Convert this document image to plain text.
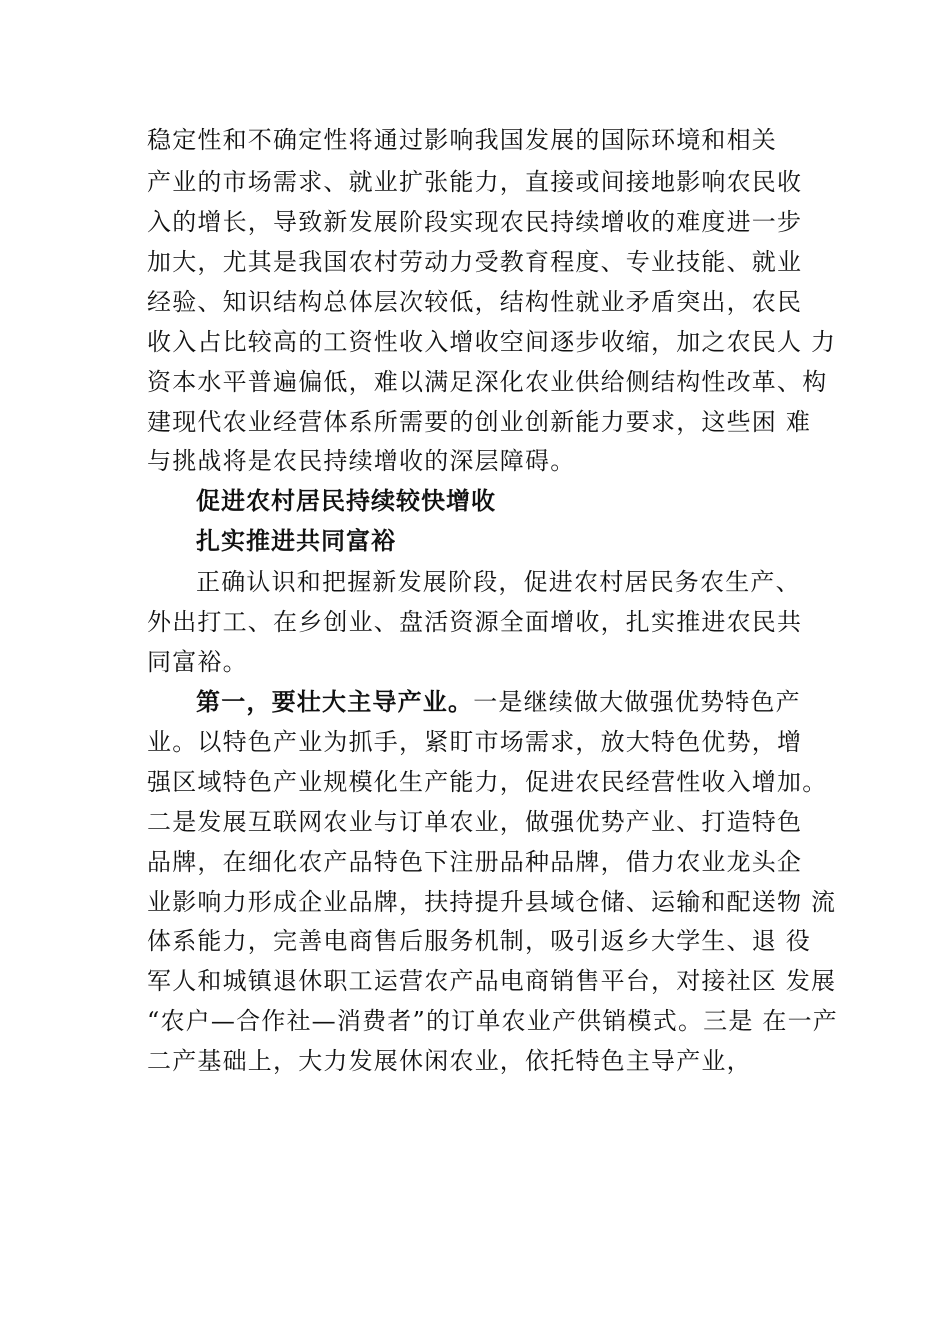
稳定性和不确定性将通过影响我国发展的国际环境和相关
产业的市场需求、就业扩张能力，直接或间接地影响农民收
入的增长，导致新发展阶段实现农民持续增收的难度进一步
加大，尤其是我国农村劳动力受教育程度、专业技能、就业
经验、知识结构总体层次较低，结构性就业矛盾突出，农民
收入占比较高的工资性收入增收空间逐步收缩，加之农民人 力
资本水平普遍偏低，难以满足深化农业供给侧结构性改革、构
建现代农业经营体系所需要的创业创新能力要求，这些困 难
与挑战将是农民持续增收的深层障碍。
促进农村居民持续较快增收
扎实推进共同富裕
正确认识和把握新发展阶段，促进农村居民务农生产、
外出打工、在乡创业、盘活资源全面增收，扎实推进农民共
同富裕。
第一，要壮大主导产业。一是继续做大做强优势特色产
业。以特色产业为抓手，紧盯市场需求，放大特色优势，增
强区域特色产业规模化生产能力，促进农民经营性收入增加。
二是发展互联网农业与订单农业，做强优势产业、打造特色
品牌，在细化农产品特色下注册品种品牌，借力农业龙头企
业影响力形成企业品牌，扶持提升县域仓储、运输和配送物 流
体系能力，完善电商售后服务机制，吸引返乡大学生、退 役
军人和城镇退休职工运营农产品电商销售平台，对接社区 发展
“农户—合作社—消费者”的订单农业产供销模式。三是 在一产
二产基础上，大力发展休闲农业，依托特色主导产业，
